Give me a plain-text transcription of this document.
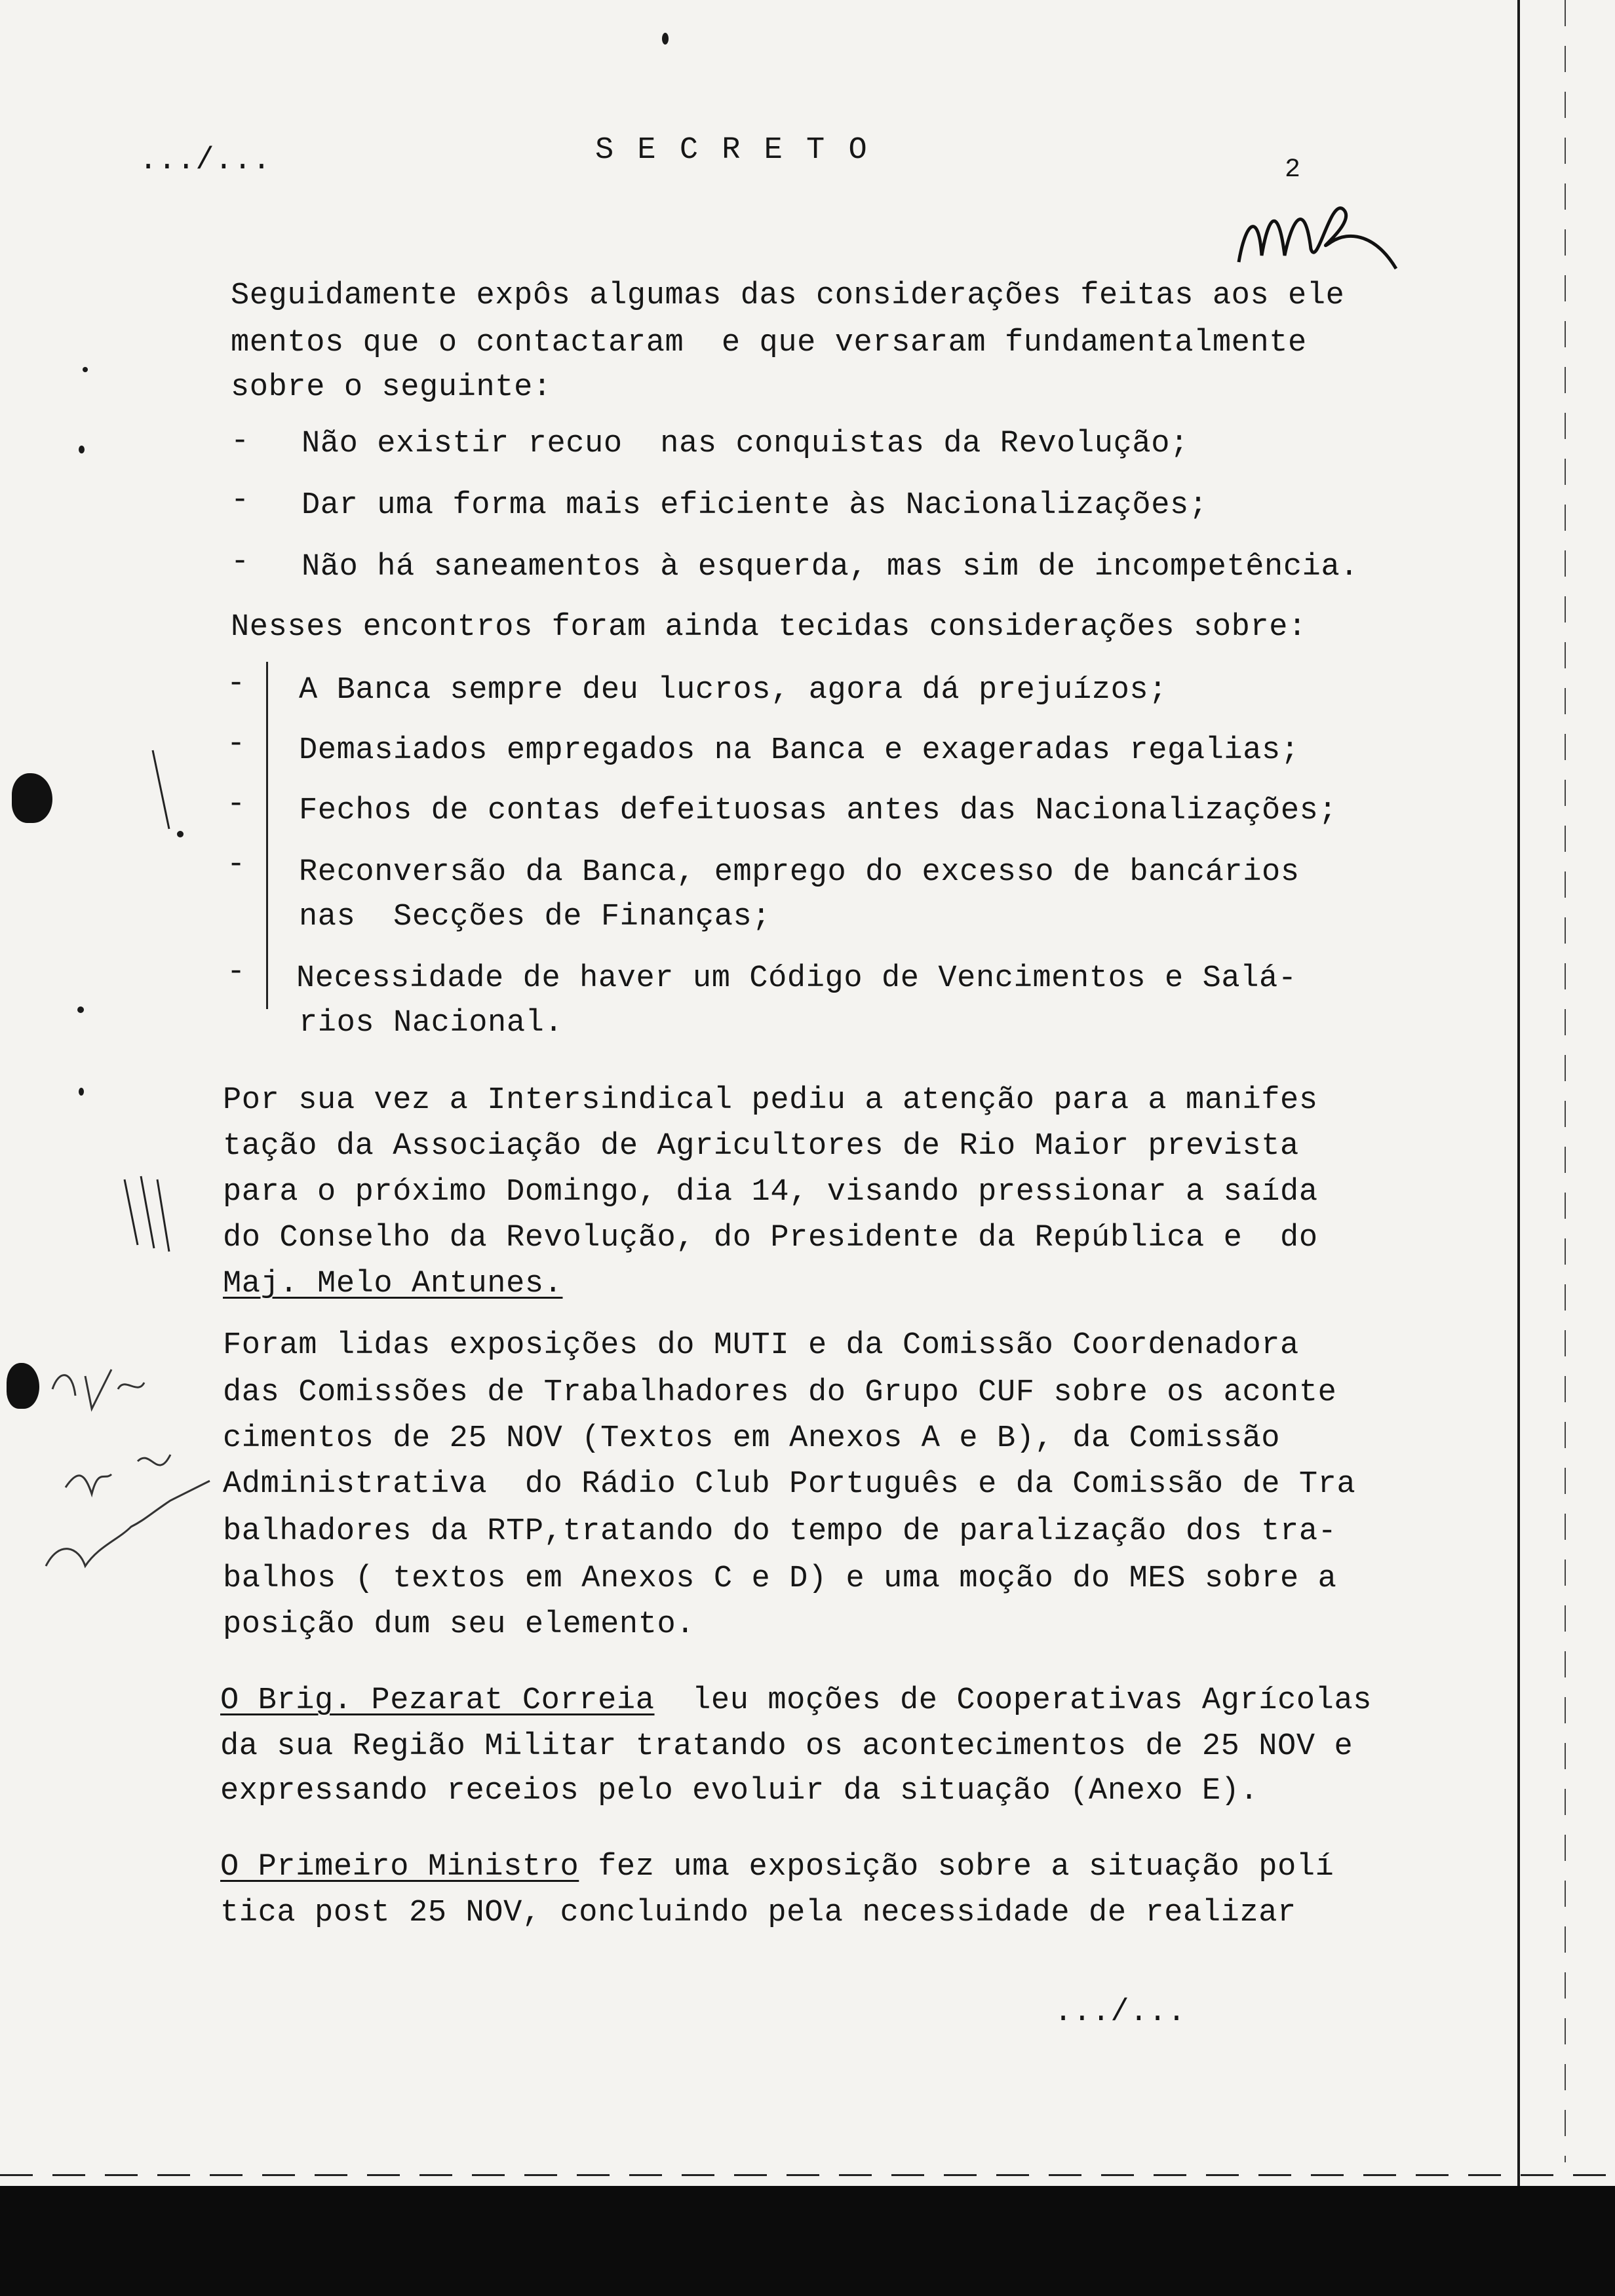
.../...	S E C R E T O
2
Seguidamente expôs algumas das considerações feitas aos ele
mentos que o contactaram  e que versaram fundamentalmente
sobre o seguinte:
- Não existir recuo  nas conquistas da Revolução;
- Dar uma forma mais eficiente às Nacionalizações;
- Não há saneamentos à esquerda, mas sim de incompetência.
Nesses encontros foram ainda tecidas considerações sobre:
- A Banca sempre deu lucros, agora dá prejuízos;
- Demasiados empregados na Banca e exageradas regalias;
- Fechos de contas defeituosas antes das Nacionalizações;
- Reconversão da Banca, emprego do excesso de bancários
nas  Secções de Finanças;
- Necessidade de haver um Código de Vencimentos e Salá-
rios Nacional.
Por sua vez a Intersindical pediu a atenção para a manifes
tação da Associação de Agricultores de Rio Maior prevista
para o próximo Domingo, dia 14, visando pressionar a saída
do Conselho da Revolução, do Presidente da República e  do
Maj. Melo Antunes.
Foram lidas exposições do MUTI e da Comissão Coordenadora
das Comissões de Trabalhadores do Grupo CUF sobre os aconte
cimentos de 25 NOV (Textos em Anexos A e B), da Comissão
Administrativa  do Rádio Club Português e da Comissão de Tra
balhadores da RTP,tratando do tempo de paralização dos tra-
balhos ( textos em Anexos C e D) e uma moção do MES sobre a
posição dum seu elemento.
O Brig. Pezarat Correia  leu moções de Cooperativas Agrícolas
da sua Região Militar tratando os acontecimentos de 25 NOV e
expressando receios pelo evoluir da situação (Anexo E).
O Primeiro Ministro fez uma exposição sobre a situação polí
tica post 25 NOV, concluindo pela necessidade de realizar
.../...
